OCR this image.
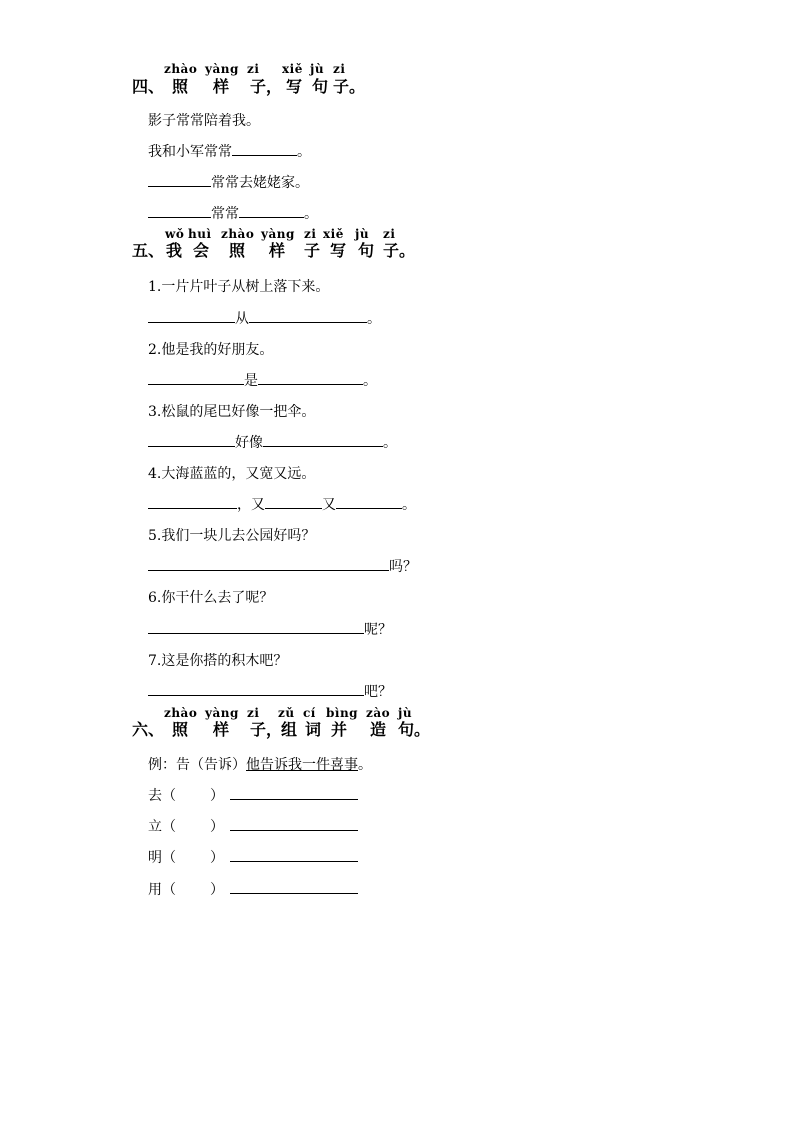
zhào yàng zi xiě jù zi
四、 照 样 子 ， 写 句 子 。
影子常常陪着我。
我和小军常常	。
常常去姥姥家。
常常	。
wǒ huì zhào yàng zi xiě jù zi
五、 我 会 照 样 子 写 句 子 。
1.一片片叶子从树上落下来。
从	。
2.他是我的好朋友。
是	。
3.松鼠的尾巴好像一把伞。
好像	。
4.大海蓝蓝的，又宽又远。
，又	又	。
5.我们一块儿去公园好吗？
吗？
6.你干什么去了呢？
呢？
7.这是你搭的积木吧？
吧？
zhào yàng zi zǔ cí bìng zào jù
六、 照 样 子 ，
组 词 并 造 句 。
例：告（告诉）他告诉我一件喜事。
去（ ）
立（ ）
明（ ）
用（ ）
